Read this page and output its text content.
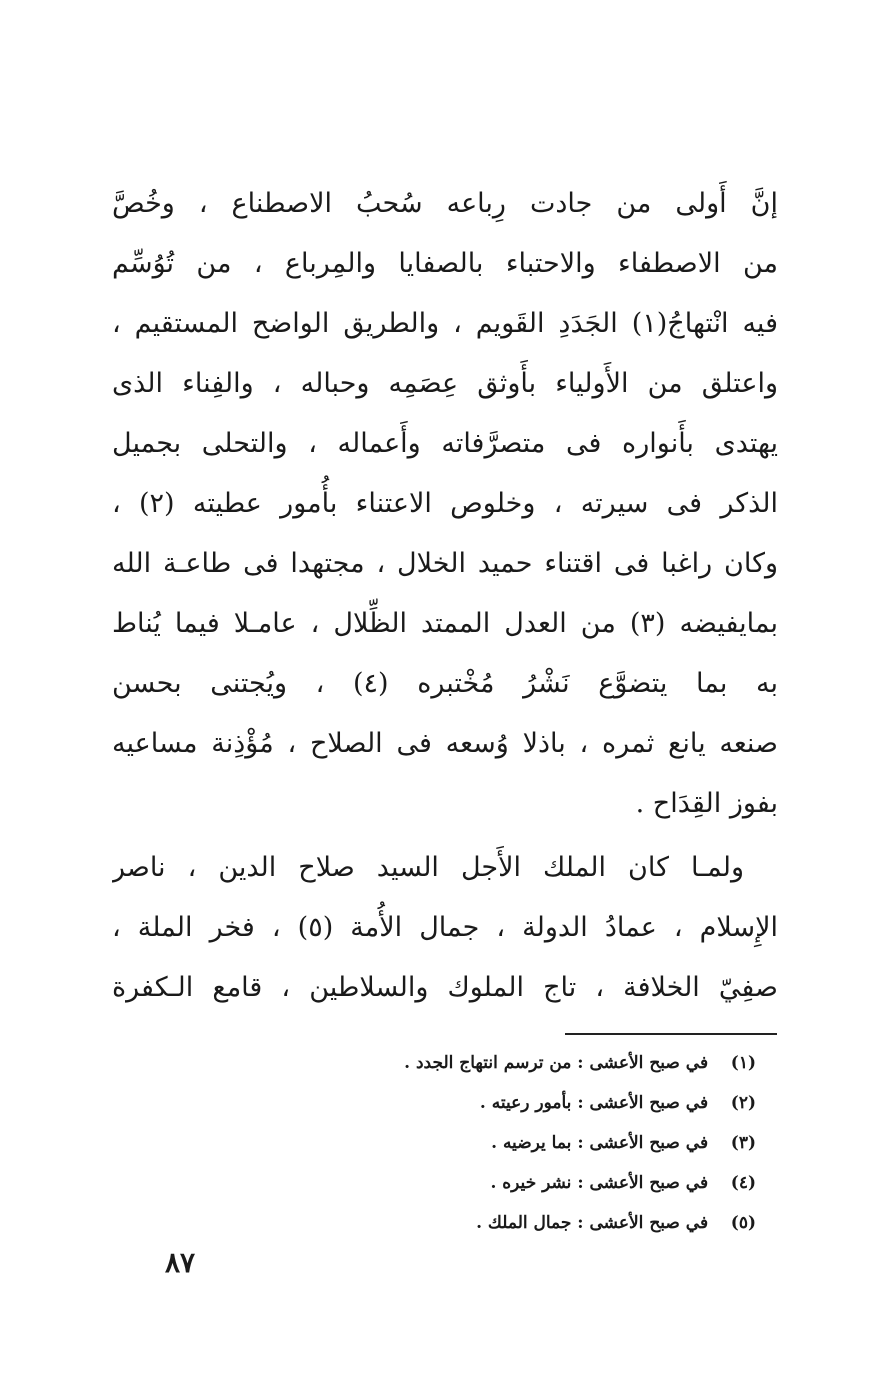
إنَّ أَولى من جادت رِباعه سُحبُ الاصطناع ، وخُصَّ
من الاصطفاء والاحتباء بالصفايا والمِرباع ، من تُوُسِّم
فيه انْتهاجُ(١) الجَدَدِ القَويم ، والطريق الواضح المستقيم ،
واعتلق من الأَولياء بأَوثق عِصَمِه وحباله ، والفِناء الذى
يهتدى بأَنواره فى متصرَّفاته وأَعماله ، والتحلى بجميل
الذكر فى سيرته ، وخلوص الاعتناء بأُمور عطيته (٢) ،
وكان راغبا فى اقتناء حميد الخلال ، مجتهدا فى طاعـة الله
بمايفيضه (٣) من العدل الممتد الظِّلال ، عامـلا فيما يُناط
به بما يتضوَّع نَشْرُ مُخْتبره (٤) ، ويُجتنى بحسن
صنعه يانع ثمره ، باذلا وُسعه فى الصلاح ، مُؤْذِنة مساعيه
بفوز القِدَاح .
ولمـا كان الملك الأَجل السيد صلاح الدين ، ناصر
الإِسلام ، عمادُ الدولة ، جمال الأُمة (٥) ، فخر الملة ،
صفِيّ الخلافة ، تاج الملوك والسلاطين ، قامع الـكفرة
(١) في صبح الأعشى : من ترسم انتهاج الجدد .
(٢) في صبح الأعشى : بأمور رعيته .
(٣) في صبح الأعشى : بما يرضيه .
(٤) في صبح الأعشى : نشر خيره .
(٥) في صبح الأعشى : جمال الملك .
٨٧
